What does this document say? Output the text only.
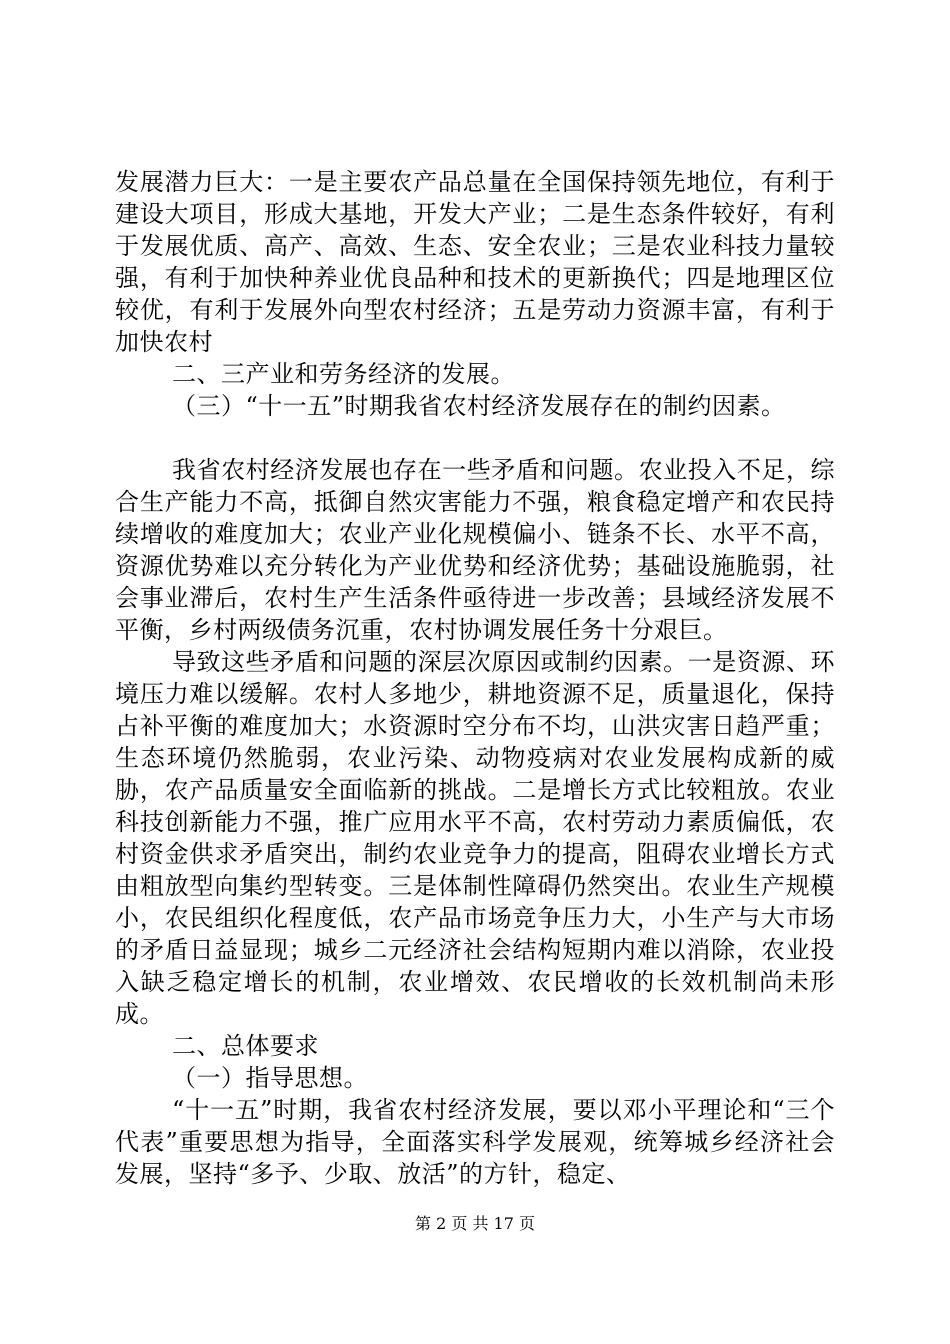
发展潜力巨大：一是主要农产品总量在全国保持领先地位，有利于建设大项目，形成大基地，开发大产业；二是生态条件较好，有利于发展优质、高产、高效、生态、安全农业；三是农业科技力量较强，有利于加快种养业优良品种和技术的更新换代；四是地理区位较优，有利于发展外向型农村经济；五是劳动力资源丰富，有利于加快农村

二、三产业和劳务经济的发展。

（三）“十一五”时期我省农村经济发展存在的制约因素。

我省农村经济发展也存在一些矛盾和问题。农业投入不足，综合生产能力不高，抵御自然灾害能力不强，粮食稳定增产和农民持续增收的难度加大；农业产业化规模偏小、链条不长、水平不高，资源优势难以充分转化为产业优势和经济优势；基础设施脆弱，社会事业滞后，农村生产生活条件亟待进一步改善；县域经济发展不平衡，乡村两级债务沉重，农村协调发展任务十分艰巨。

导致这些矛盾和问题的深层次原因或制约因素。一是资源、环境压力难以缓解。农村人多地少，耕地资源不足，质量退化，保持占补平衡的难度加大；水资源时空分布不均，山洪灾害日趋严重；生态环境仍然脆弱，农业污染、动物疫病对农业发展构成新的威胁，农产品质量安全面临新的挑战。二是增长方式比较粗放。农业科技创新能力不强，推广应用水平不高，农村劳动力素质偏低，农村资金供求矛盾突出，制约农业竞争力的提高，阻碍农业增长方式由粗放型向集约型转变。三是体制性障碍仍然突出。农业生产规模小，农民组织化程度低，农产品市场竞争压力大，小生产与大市场的矛盾日益显现；城乡二元经济社会结构短期内难以消除，农业投入缺乏稳定增长的机制，农业增效、农民增收的长效机制尚未形成。

二、总体要求

（一）指导思想。

“十一五”时期，我省农村经济发展，要以邓小平理论和“三个代表”重要思想为指导，全面落实科学发展观，统筹城乡经济社会发展，坚持“多予、少取、放活”的方针，稳定、

第 2 页 共 17 页
